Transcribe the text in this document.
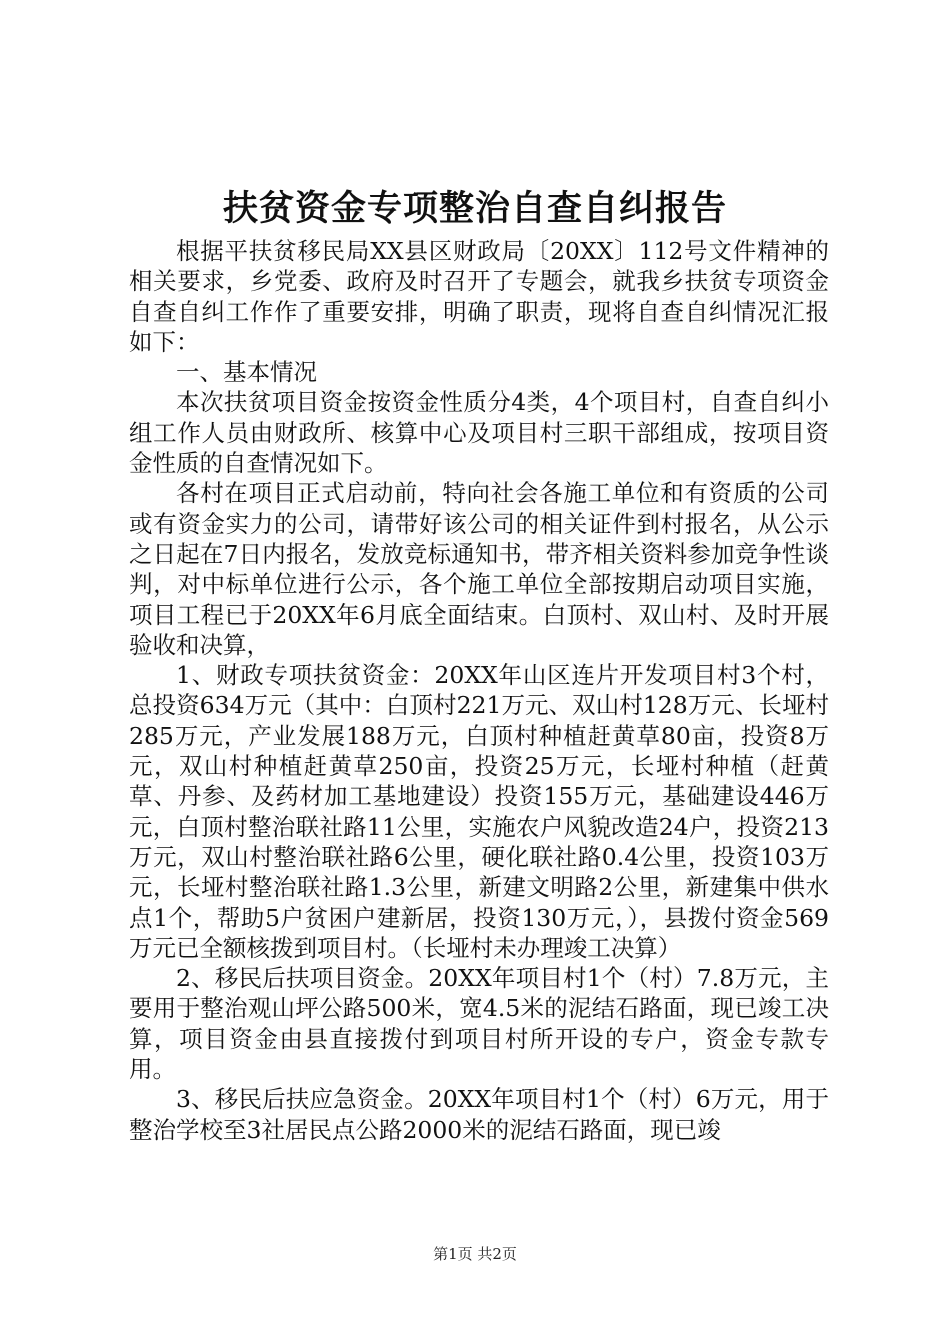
扶贫资金专项整治自查自纠报告

根据平扶贫移民局XX县区财政局〔20XX〕112号文件精神的相关要求，乡党委、政府及时召开了专题会，就我乡扶贫专项资金自查自纠工作作了重要安排，明确了职责，现将自查自纠情况汇报如下：

一、基本情况

本次扶贫项目资金按资金性质分4类，4个项目村，自查自纠小组工作人员由财政所、核算中心及项目村三职干部组成，按项目资金性质的自查情况如下。

各村在项目正式启动前，特向社会各施工单位和有资质的公司或有资金实力的公司，请带好该公司的相关证件到村报名，从公示之日起在7日内报名，发放竞标通知书，带齐相关资料参加竞争性谈判，对中标单位进行公示，各个施工单位全部按期启动项目实施，项目工程已于20XX年6月底全面结束。白顶村、双山村、及时开展验收和决算，

1、财政专项扶贫资金：20XX年山区连片开发项目村3个村，总投资634万元（其中：白顶村221万元、双山村128万元、长垭村285万元，产业发展188万元，白顶村种植赶黄草80亩，投资8万元，双山村种植赶黄草250亩，投资25万元，长垭村种植（赶黄草、丹参、及药材加工基地建设）投资155万元，基础建设446万元，白顶村整治联社路11公里，实施农户风貌改造24户，投资213万元，双山村整治联社路6公里，硬化联社路0.4公里，投资103万元，长垭村整治联社路1.3公里，新建文明路2公里，新建集中供水点1个，帮助5户贫困户建新居，投资130万元，），县拨付资金569万元已全额核拨到项目村。（长垭村未办理竣工决算）

2、移民后扶项目资金。20XX年项目村1个（村）7.8万元，主要用于整治观山坪公路500米，宽4.5米的泥结石路面，现已竣工决算，项目资金由县直接拨付到项目村所开设的专户，资金专款专用。

3、移民后扶应急资金。20XX年项目村1个（村）6万元，用于整治学校至3社居民点公路2000米的泥结石路面，现已竣

第1页 共2页
